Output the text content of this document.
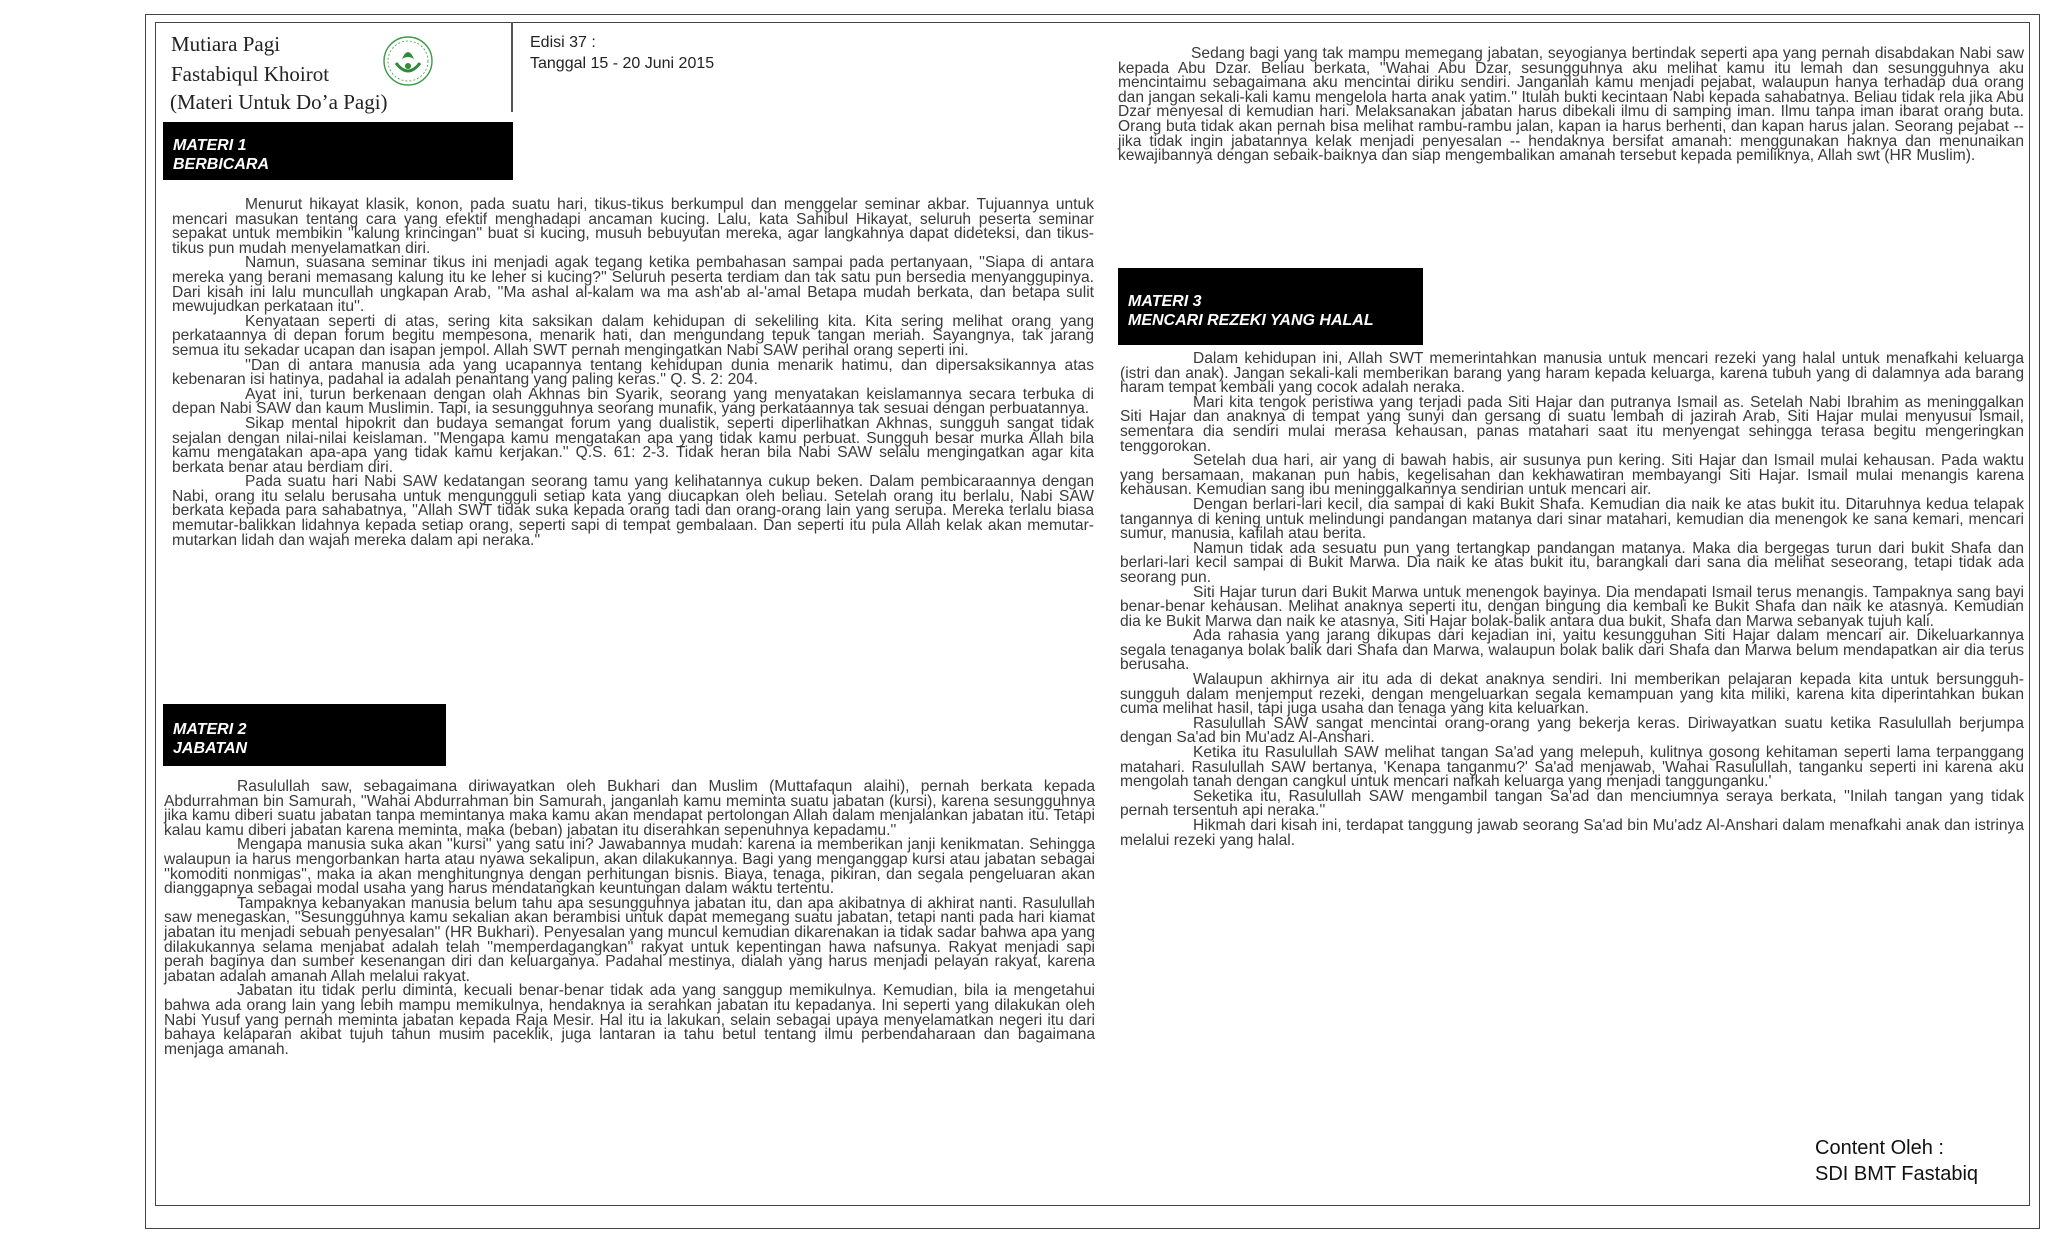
Mutiara Pagi
Fastabiqul Khoirot
(Materi Untuk Do’a Pagi)
Edisi 37 :
Tanggal 15 - 20 Juni 2015
MATERI 1
BERBICARA

Menurut hikayat klasik, konon, pada suatu hari, tikus-tikus berkumpul dan menggelar seminar akbar. Tujuannya untuk mencari masukan tentang cara yang efektif menghadapi ancaman kucing. Lalu, kata Sahibul Hikayat, seluruh peserta seminar sepakat untuk membikin ''kalung krincingan'' buat si kucing, musuh bebuyutan mereka, agar langkahnya dapat dideteksi, dan tikus-tikus pun mudah menyelamatkan diri.

Namun, suasana seminar tikus ini menjadi agak tegang ketika pembahasan sampai pada pertanyaan, ''Siapa di antara mereka yang berani memasang kalung itu ke leher si kucing?'' Seluruh peserta terdiam dan tak satu pun bersedia menyanggupinya. Dari kisah ini lalu muncullah ungkapan Arab, ''Ma ashal al-kalam wa ma ash'ab al-'amal Betapa mudah berkata, dan betapa sulit mewujudkan perkataan itu''.

Kenyataan seperti di atas, sering kita saksikan dalam kehidupan di sekeliling kita. Kita sering melihat orang yang perkataannya di depan forum begitu mempesona, menarik hati, dan mengundang tepuk tangan meriah. Sayangnya, tak jarang semua itu sekadar ucapan dan isapan jempol. Allah SWT pernah mengingatkan Nabi SAW perihal orang seperti ini.

''Dan di antara manusia ada yang ucapannya tentang kehidupan dunia menarik hatimu, dan dipersaksikannya atas kebenaran isi hatinya, padahal ia adalah penantang yang paling keras.'' Q. S. 2: 204.

Ayat ini, turun berkenaan dengan olah Akhnas bin Syarik, seorang yang menyatakan keislamannya secara terbuka di depan Nabi SAW dan kaum Muslimin. Tapi, ia sesungguhnya seorang munafik, yang perkataannya tak sesuai dengan perbuatannya.

Sikap mental hipokrit dan budaya semangat forum yang dualistik, seperti diperlihatkan Akhnas, sungguh sangat tidak sejalan dengan nilai-nilai keislaman. ''Mengapa kamu mengatakan apa yang tidak kamu perbuat. Sungguh besar murka Allah bila kamu mengatakan apa-apa yang tidak kamu kerjakan.'' Q.S. 61: 2-3. Tidak heran bila Nabi SAW selalu mengingatkan agar kita berkata benar atau berdiam diri.

Pada suatu hari Nabi SAW kedatangan seorang tamu yang kelihatannya cukup beken. Dalam pembicaraannya dengan Nabi, orang itu selalu berusaha untuk mengungguli setiap kata yang diucapkan oleh beliau. Setelah orang itu berlalu, Nabi SAW berkata kepada para sahabatnya, ''Allah SWT tidak suka kepada orang tadi dan orang-orang lain yang serupa. Mereka terlalu biasa memutar-balikkan lidahnya kepada setiap orang, seperti sapi di tempat gembalaan. Dan seperti itu pula Allah kelak akan memutar-mutarkan lidah dan wajah mereka dalam api neraka.''

MATERI 2
JABATAN

Rasulullah saw, sebagaimana diriwayatkan oleh Bukhari dan Muslim (Muttafaqun alaihi), pernah berkata kepada Abdurrahman bin Samurah, ''Wahai Abdurrahman bin Samurah, janganlah kamu meminta suatu jabatan (kursi), karena sesungguhnya jika kamu diberi suatu jabatan tanpa memintanya maka kamu akan mendapat pertolongan Allah dalam menjalankan jabatan itu. Tetapi kalau kamu diberi jabatan karena meminta, maka (beban) jabatan itu diserahkan sepenuhnya kepadamu.''

Mengapa manusia suka akan ''kursi'' yang satu ini? Jawabannya mudah: karena ia memberikan janji kenikmatan. Sehingga walaupun ia harus mengorbankan harta atau nyawa sekalipun, akan dilakukannya. Bagi yang menganggap kursi atau jabatan sebagai ''komoditi nonmigas'', maka ia akan menghitungnya dengan perhitungan bisnis. Biaya, tenaga, pikiran, dan segala pengeluaran akan dianggapnya sebagai modal usaha yang harus mendatangkan keuntungan dalam waktu tertentu.

Tampaknya kebanyakan manusia belum tahu apa sesungguhnya jabatan itu, dan apa akibatnya di akhirat nanti. Rasulullah saw menegaskan, ''Sesungguhnya kamu sekalian akan berambisi untuk dapat memegang suatu jabatan, tetapi nanti pada hari kiamat jabatan itu menjadi sebuah penyesalan'' (HR Bukhari). Penyesalan yang muncul kemudian dikarenakan ia tidak sadar bahwa apa yang dilakukannya selama menjabat adalah telah ''memperdagangkan'' rakyat untuk kepentingan hawa nafsunya. Rakyat menjadi sapi perah baginya dan sumber kesenangan diri dan keluarganya. Padahal mestinya, dialah yang harus menjadi pelayan rakyat, karena jabatan adalah amanah Allah melalui rakyat.

Jabatan itu tidak perlu diminta, kecuali benar-benar tidak ada yang sanggup memikulnya. Kemudian, bila ia mengetahui bahwa ada orang lain yang lebih mampu memikulnya, hendaknya ia serahkan jabatan itu kepadanya. Ini seperti yang dilakukan oleh Nabi Yusuf yang pernah meminta jabatan kepada Raja Mesir. Hal itu ia lakukan, selain sebagai upaya menyelamatkan negeri itu dari bahaya kelaparan akibat tujuh tahun musim paceklik, juga lantaran ia tahu betul tentang ilmu perbendaharaan dan bagaimana menjaga amanah.

Sedang bagi yang tak mampu memegang jabatan, seyogianya bertindak seperti apa yang pernah disabdakan Nabi saw kepada Abu Dzar. Beliau berkata, ''Wahai Abu Dzar, sesungguhnya aku melihat kamu itu lemah dan sesungguhnya aku mencintaimu sebagaimana aku mencintai diriku sendiri. Janganlah kamu menjadi pejabat, walaupun hanya terhadap dua orang dan jangan sekali-kali kamu mengelola harta anak yatim.'' Itulah bukti kecintaan Nabi kepada sahabatnya. Beliau tidak rela jika Abu Dzar menyesal di kemudian hari. Melaksanakan jabatan harus dibekali ilmu di samping iman. Ilmu tanpa iman ibarat orang buta. Orang buta tidak akan pernah bisa melihat rambu-rambu jalan, kapan ia harus berhenti, dan kapan harus jalan. Seorang pejabat -- jika tidak ingin jabatannya kelak menjadi penyesalan -- hendaknya bersifat amanah: menggunakan haknya dan menunaikan kewajibannya dengan sebaik-baiknya dan siap mengembalikan amanah tersebut kepada pemiliknya, Allah swt (HR Muslim).

MATERI 3
MENCARI REZEKI YANG HALAL

Dalam kehidupan ini, Allah SWT memerintahkan manusia untuk mencari rezeki yang halal untuk menafkahi keluarga (istri dan anak). Jangan sekali-kali memberikan barang yang haram kepada keluarga, karena tubuh yang di dalamnya ada barang haram tempat kembali yang cocok adalah neraka.

Mari kita tengok peristiwa yang terjadi pada Siti Hajar dan putranya Ismail as. Setelah Nabi Ibrahim as meninggalkan Siti Hajar dan anaknya di tempat yang sunyi dan gersang di suatu lembah di jazirah Arab, Siti Hajar mulai menyusui Ismail, sementara dia sendiri mulai merasa kehausan, panas matahari saat itu menyengat sehingga terasa begitu mengeringkan tenggorokan.

Setelah dua hari, air yang di bawah habis, air susunya pun kering. Siti Hajar dan Ismail mulai kehausan. Pada waktu yang bersamaan, makanan pun habis, kegelisahan dan kekhawatiran membayangi Siti Hajar. Ismail mulai menangis karena kehausan. Kemudian sang ibu meninggalkannya sendirian untuk mencari air.

Dengan berlari-lari kecil, dia sampai di kaki Bukit Shafa. Kemudian dia naik ke atas bukit itu. Ditaruhnya kedua telapak tangannya di kening untuk melindungi pandangan matanya dari sinar matahari, kemudian dia menengok ke sana kemari, mencari sumur, manusia, kafilah atau berita.

Namun tidak ada sesuatu pun yang tertangkap pandangan matanya. Maka dia bergegas turun dari bukit Shafa dan berlari-lari kecil sampai di Bukit Marwa. Dia naik ke atas bukit itu, barangkali dari sana dia melihat seseorang, tetapi tidak ada seorang pun.

Siti Hajar turun dari Bukit Marwa untuk menengok bayinya. Dia mendapati Ismail terus menangis. Tampaknya sang bayi benar-benar kehausan. Melihat anaknya seperti itu, dengan bingung dia kembali ke Bukit Shafa dan naik ke atasnya. Kemudian dia ke Bukit Marwa dan naik ke atasnya, Siti Hajar bolak-balik antara dua bukit, Shafa dan Marwa sebanyak tujuh kali.

Ada rahasia yang jarang dikupas dari kejadian ini, yaitu kesungguhan Siti Hajar dalam mencari air. Dikeluarkannya segala tenaganya bolak balik dari Shafa dan Marwa, walaupun bolak balik dari Shafa dan Marwa belum mendapatkan air dia terus berusaha.

Walaupun akhirnya air itu ada di dekat anaknya sendiri. Ini memberikan pelajaran kepada kita untuk bersungguh-sungguh dalam menjemput rezeki, dengan mengeluarkan segala kemampuan yang kita miliki, karena kita diperintahkan bukan cuma melihat hasil, tapi juga usaha dan tenaga yang kita keluarkan.

Rasulullah SAW sangat mencintai orang-orang yang bekerja keras. Diriwayatkan suatu ketika Rasulullah berjumpa dengan Sa'ad bin Mu'adz Al-Anshari.

Ketika itu Rasulullah SAW melihat tangan Sa'ad yang melepuh, kulitnya gosong kehitaman seperti lama terpanggang matahari. Rasulullah SAW bertanya, 'Kenapa tanganmu?' Sa'ad menjawab, 'Wahai Rasulullah, tanganku seperti ini karena aku mengolah tanah dengan cangkul untuk mencari nafkah keluarga yang menjadi tanggunganku.'

Seketika itu, Rasulullah SAW mengambil tangan Sa'ad dan menciumnya seraya berkata, ''Inilah tangan yang tidak pernah tersentuh api neraka.''

Hikmah dari kisah ini, terdapat tanggung jawab seorang Sa'ad bin Mu'adz Al-Anshari dalam menafkahi anak dan istrinya melalui rezeki yang halal.

Content Oleh :
SDI BMT Fastabiq
